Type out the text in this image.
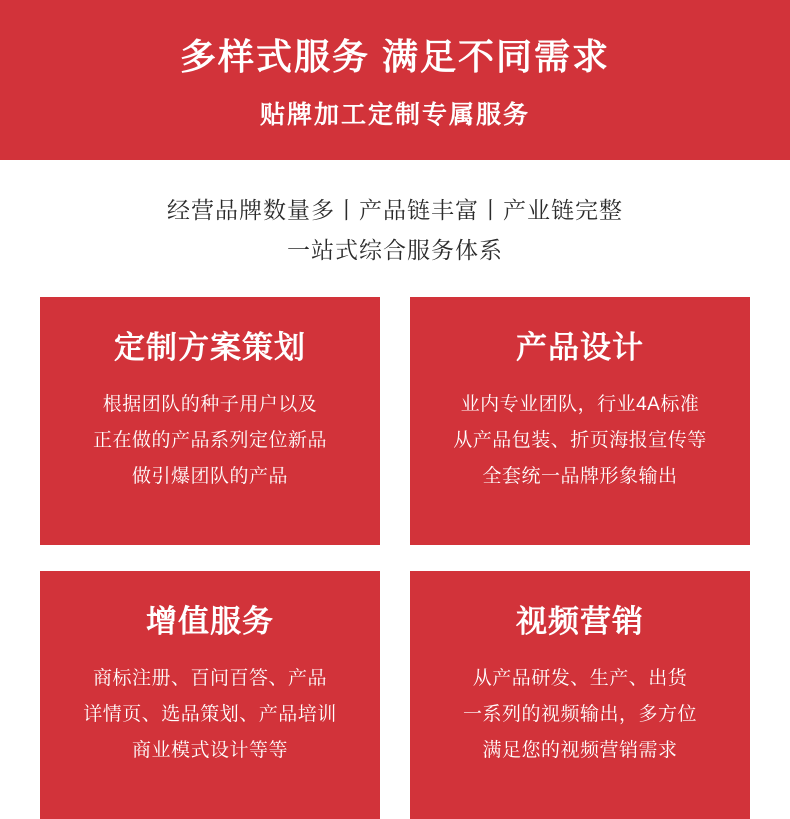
多样式服务 满足不同需求
贴牌加工定制专属服务
经营品牌数量多丨产品链丰富丨产业链完整
一站式综合服务体系
定制方案策划
根据团队的种子用户以及
正在做的产品系列定位新品
做引爆团队的产品
产品设计
业内专业团队，行业4A标准
从产品包装、折页海报宣传等
全套统一品牌形象输出
增值服务
商标注册、百问百答、产品
详情页、选品策划、产品培训
商业模式设计等等
视频营销
从产品研发、生产、出货
一系列的视频输出，多方位
满足您的视频营销需求
